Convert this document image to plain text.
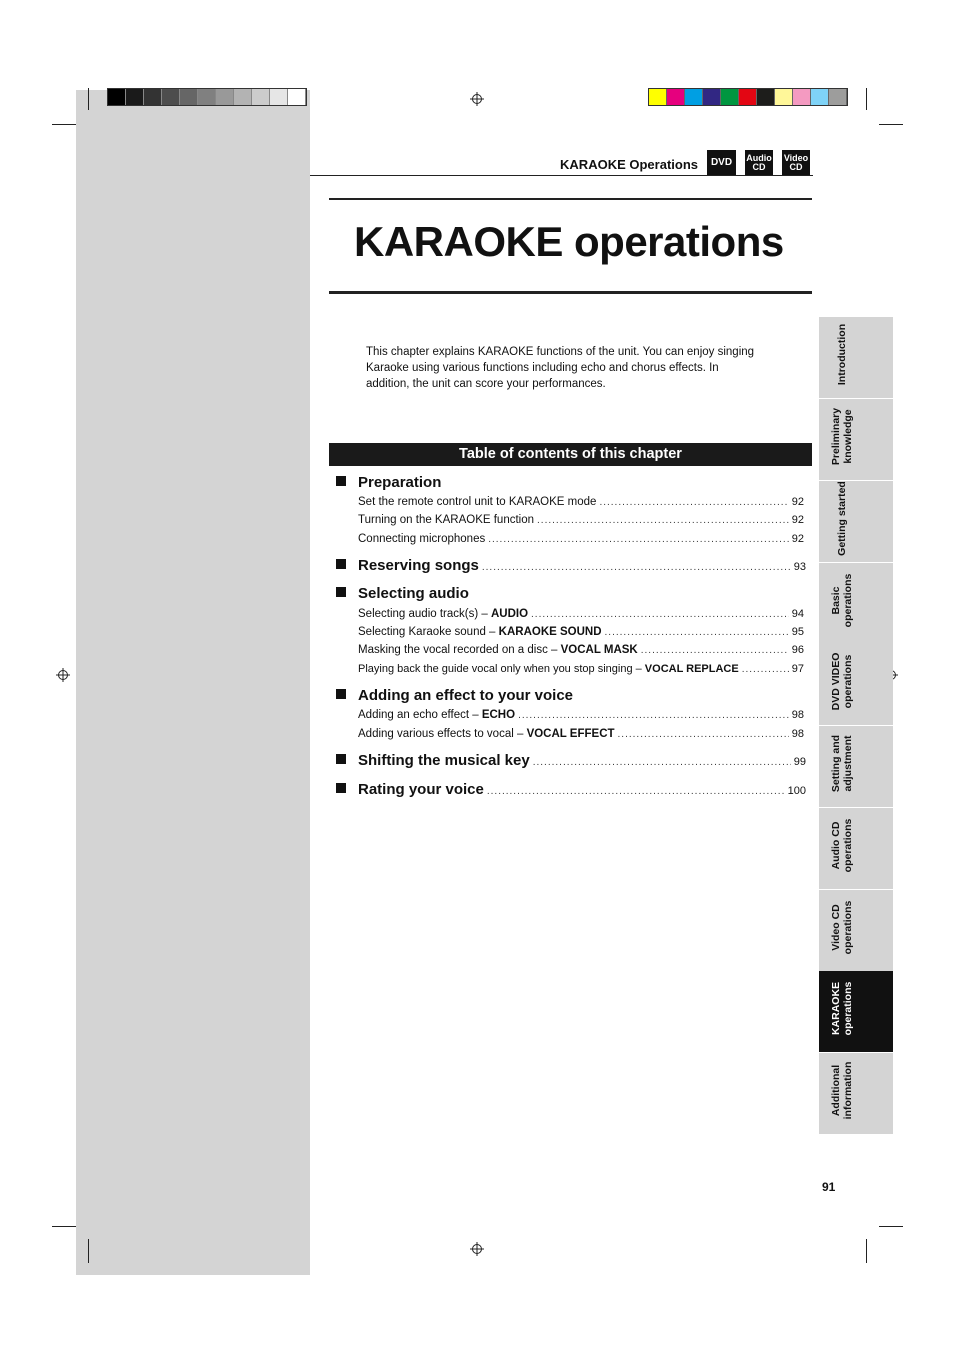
KARAOKE Operations DVD Audio
CD
Video
CD
KARAOKE operations
This chapter explains KARAOKE functions of the unit. You can enjoy singing Karaoke using various functions including echo and chorus effects. In addition, the unit can score your performances.
Table of contents of this chapter
Preparation
Set the remote control unit to KARAOKE mode .....	92
Turning on the KARAOKE function .....	92
Connecting microphones .....	92
Reserving songs .....	93
Selecting audio
Selecting audio track(s) – AUDIO .....	94
Selecting Karaoke sound – KARAOKE SOUND .....	95
Masking the vocal recorded on a disc – VOCAL MASK .....	96
Playing back the guide vocal only when you stop singing – VOCAL REPLACE .....	97
Adding an effect to your voice
Adding an echo effect – ECHO .....	98
Adding various effects to vocal – VOCAL EFFECT .....	98
Shifting the musical key .....	99
Rating your voice .....	100
Introduction
Preliminary knowledge
Getting started
Basic operations
DVD VIDEO operations
Setting and adjustment
Audio CD operations
Video CD operations
KARAOKE operations
Additional information
91
